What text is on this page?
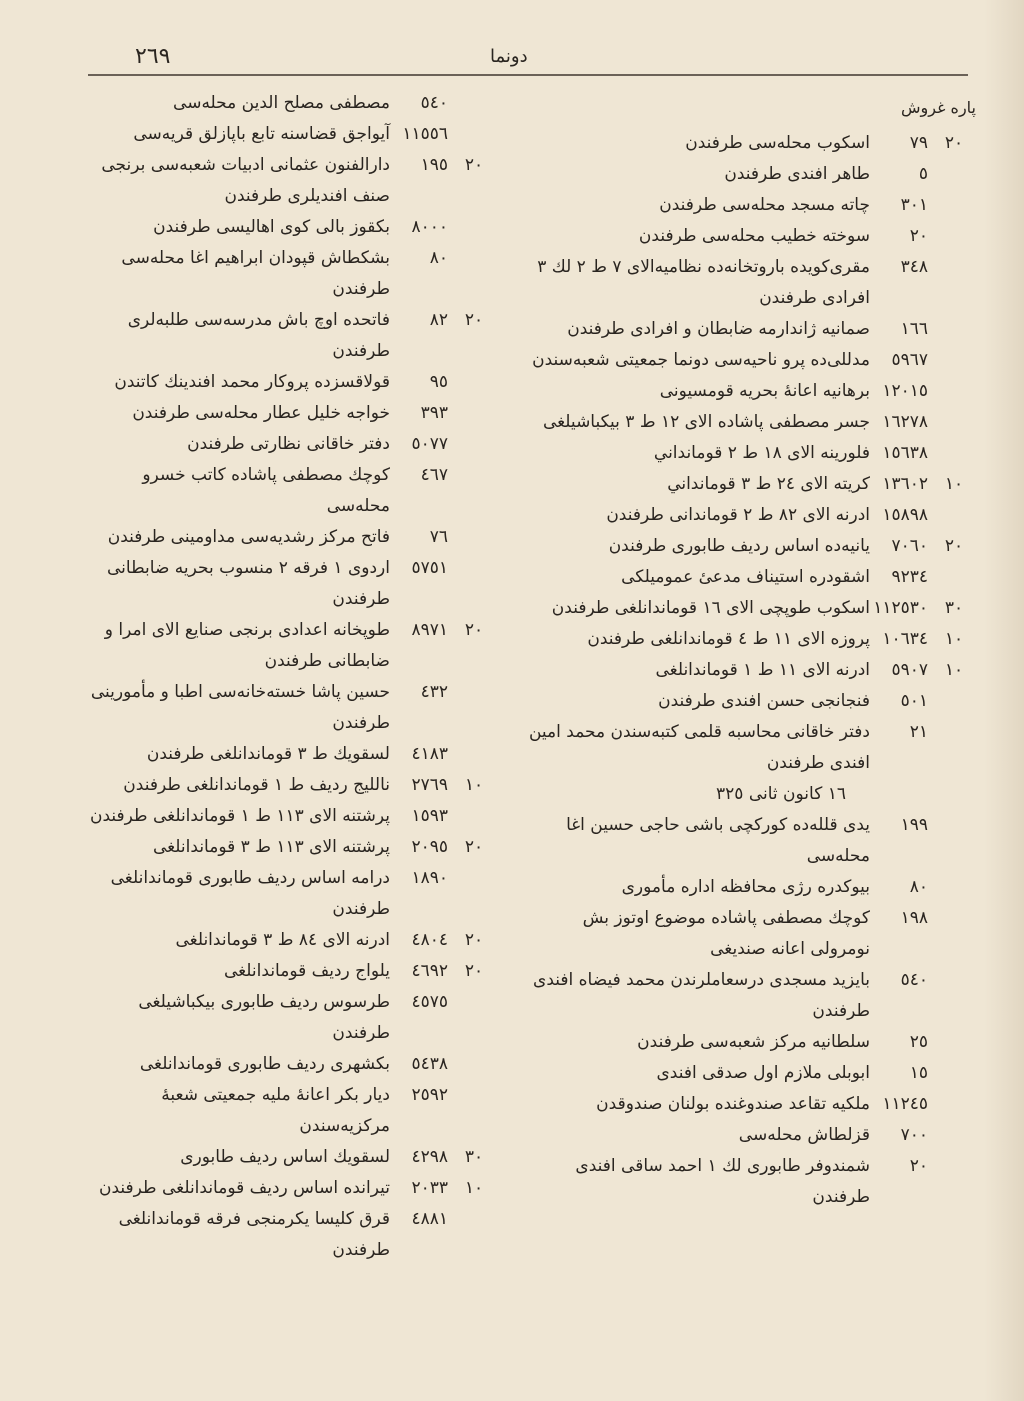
٢٦٩	دونما
پاره غروش
٢٠
٧٩
اسكوب محله‌سی طرفندن
٥
طاهر افندی طرفندن
٣٠١
چاته مسجد محله‌سی طرفندن
٢٠
سوخته خطيب محله‌سی طرفندن
٣٤٨
مقری‌كويده باروتخانه‌ده نظاميه‌الای ٧ ط ٢ لك ٣ افرادی طرفندن
١٦٦
صمانيه ژاندارمه ضابطان و افرادی طرفندن
٥٩٦٧
مدللی‌ده پرو ناحيه‌سی دونما جمعيتی شعبه‌سندن
١٢٠١٥
برهانيه اعانهٔ بحريه قومسيونی
١٦٢٧٨
جسر مصطفی پاشاده الای ١٢ ط ٣ بيكباشيلغی
١٥٦٣٨
فلورينه الای ١٨ ط ٢ قومانداني
١٠
١٣٦٠٢
كريته الای ٢٤ ط ٣ قومانداني
١٥٨٩٨
ادرنه الای ٨٢ ط ٢ قوماندانی طرفندن
٢٠
٧٠٦٠
يانيه‌ده اساس رديف طابوری طرفندن
٩٢٣٤
اشقودره استيناف مدعیٔ عموميلكی
٣٠
١١٢٥٣٠
اسكوب طوپچی الای ١٦ قوماندانلغی طرفندن
١٠
١٠٦٣٤
پروزه الای ١١ ط ٤ قوماندانلغی طرفندن
١٠
٥٩٠٧
ادرنه الای ١١ ط ١ قوماندانلغی
٥٠١
فنجانجی حسن افندی طرفندن
٢١
دفتر خاقانی محاسبه قلمی كتبه‌سندن محمد امين افندی طرفندن
١٦ كانون ثانی ٣٢٥
١٩٩
يدی قلله‌ده كوركچی باشی حاجی حسين اغا محله‌سی
٨٠
بيوكدره رژی محافظه اداره مأموری
١٩٨
كوچك مصطفی پاشاده موضوع اوتوز بش نومرولی اعانه صندیغی
٥٤٠
بايزيد مسجدی درسعاملرندن محمد فيضاه افندی طرفندن
٢٥
سلطانيه مركز شعبه‌سی طرفندن
١٥
ابوبلی ملازم اول صدقی افندی
١١٢٤٥
ملكيه تقاعد صندوغنده بولنان صندوقدن
٧٠٠
قزلطاش محله‌سی
٢٠
شمندوفر طابوری لك ١ احمد ساقی افندی طرفندن
٥٤٠
مصطفی مصلح الدين محله‌سی
١١٥٥٦
آيواجق قضاسنه تابع باپازلق قريه‌سی
٢٠
١٩٥
دارالفنون عثمانی ادبيات شعبه‌سی برنجی صنف افنديلری طرفندن
٨٠٠٠
بكقوز بالی كوی اهاليسی طرفندن
٨٠
بشكطاش قپودان ابراهيم اغا محله‌سی طرفندن
٢٠
٨٢
فاتحده اوچ باش مدرسه‌سی طلبه‌لری طرفندن
٩٥
قولاقسزده پروكار محمد افندينك كاتندن
٣٩٣
خواجه خليل عطار محله‌سی طرفندن
٥٠٧٧
دفتر خاقانی نظارتی طرفندن
٤٦٧
كوچك مصطفی پاشاده كاتب خسرو محله‌سی
٧٦
فاتح مركز رشديه‌سی مداومينی طرفندن
٥٧٥١
اردوی ١ فرقه ٢ منسوب بحريه ضابطانی طرفندن
٢٠
٨٩٧١
طوپخانه اعدادی برنجی صنايع الای امرا و ضابطانی طرفندن
٤٣٢
حسين پاشا خسته‌خانه‌سی اطبا و مأمورينی طرفندن
٤١٨٣
لسقويك ط ٣ قوماندانلغی طرفندن
١٠
٢٧٦٩
نالليج رديف ط ١ قوماندانلغی طرفندن
١٥٩٣
پرشتنه الای ١١٣ ط ١ قوماندانلغی طرفندن
٢٠
٢٠٩٥
پرشتنه الای ١١٣ ط ٣ قوماندانلغی
١٨٩٠
درامه اساس رديف طابوری قوماندانلغی طرفندن
٢٠
٤٨٠٤
ادرنه الای ٨٤ ط ٣ قوماندانلغی
٢٠
٤٦٩٢
يلواج رديف قوماندانلغی
٤٥٧٥
طرسوس رديف طابوری بيكباشيلغی طرفندن
٥٤٣٨
بكشهری رديف طابوری قوماندانلغی
٢٥٩٢
ديار بكر اعانهٔ مليه جمعيتی شعبهٔ مركزيه‌سندن
٣٠
٤٢٩٨
لسقويك اساس رديف طابوری
١٠
٢٠٣٣
تيرانده اساس رديف قوماندانلغی طرفندن
٤٨٨١
قرق كليسا يكرمنجی فرقه قوماندانلغی طرفندن
